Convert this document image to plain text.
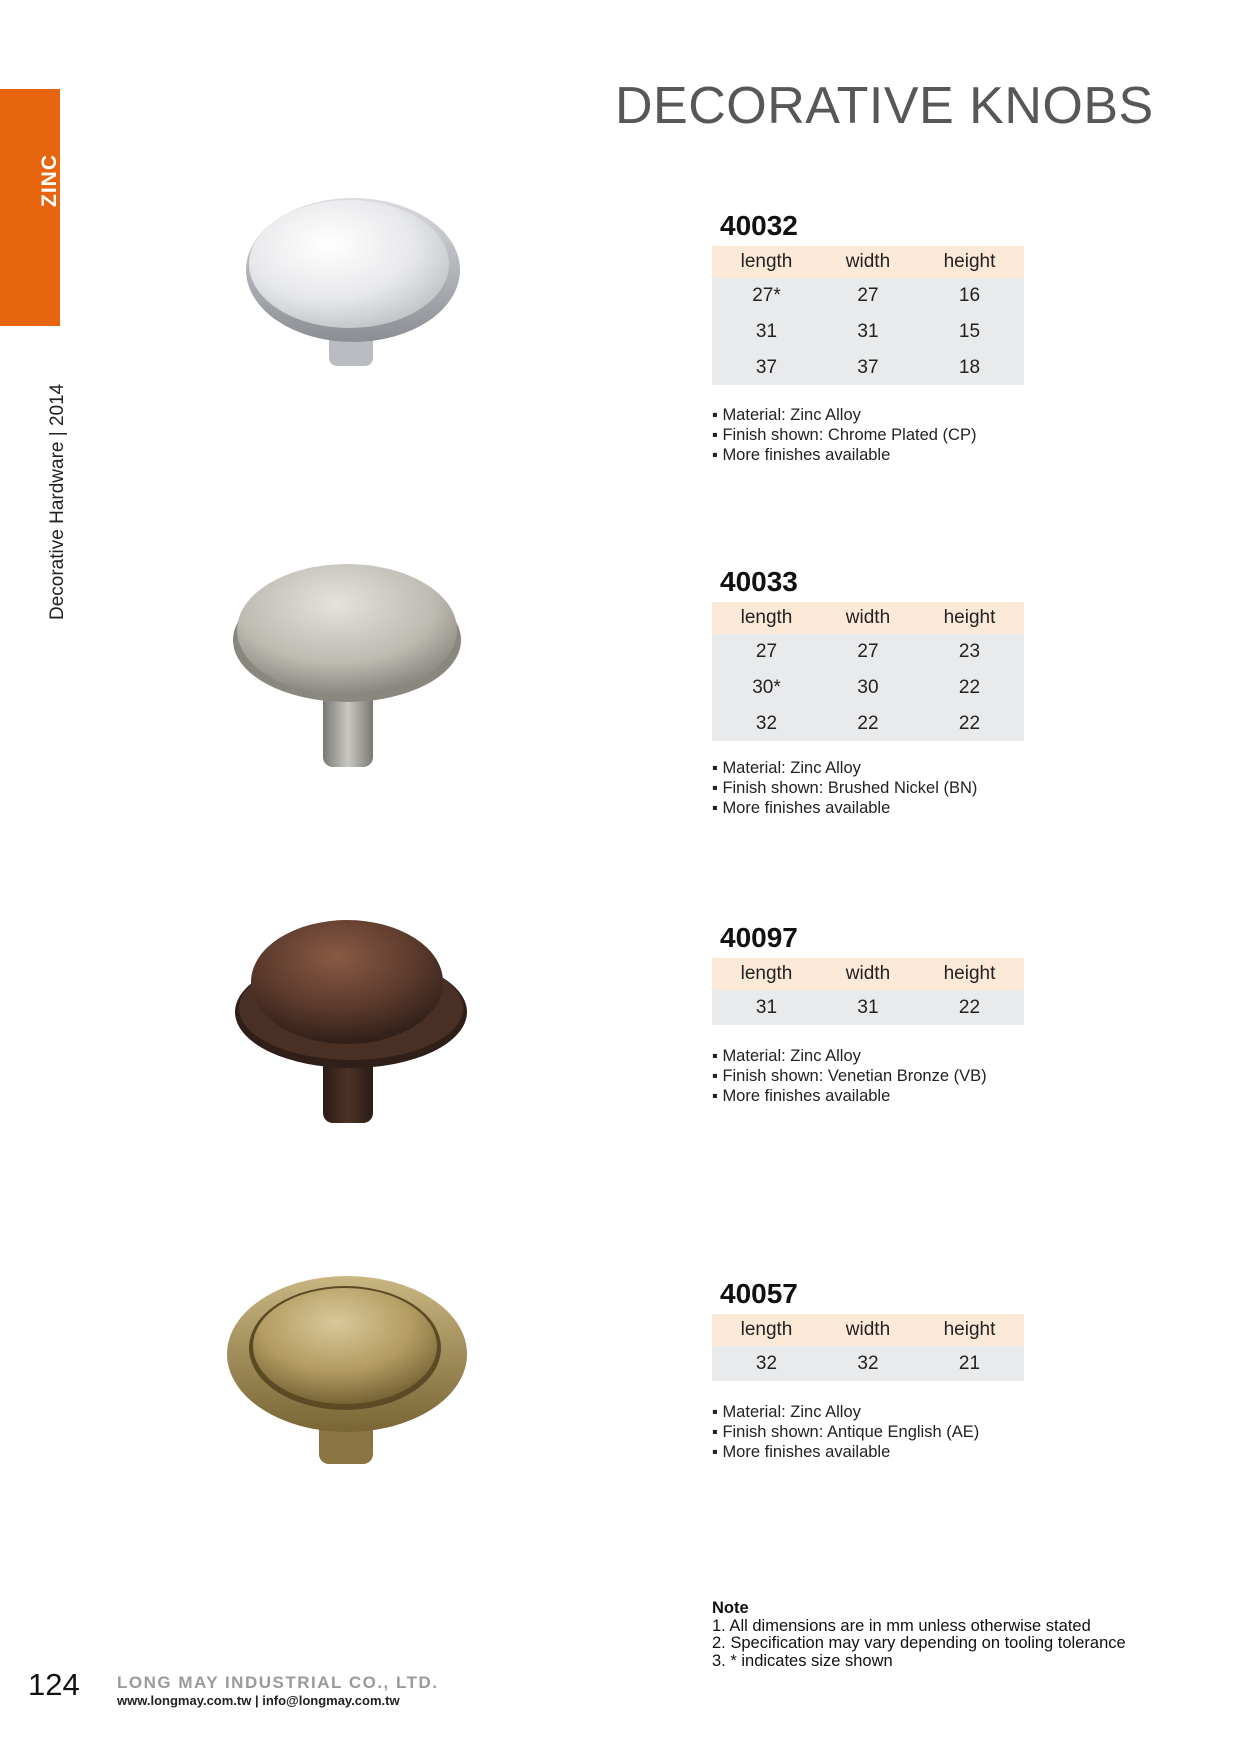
ZINC
Decorative Hardware | 2014
DECORATIVE KNOBS
40032
length	width	height
27*	27	16
31	31	15
37	37	18
▪ Material: Zinc Alloy
▪ Finish shown: Chrome Plated (CP)
▪ More finishes available
40033
length	width	height
27	27	23
30*	30	22
32	22	22
▪ Material: Zinc Alloy
▪ Finish shown: Brushed Nickel (BN)
▪ More finishes available
40097
length	width	height
31	31	22
▪ Material: Zinc Alloy
▪ Finish shown: Venetian Bronze (VB)
▪ More finishes available
40057
length	width	height
32	32	21
▪ Material: Zinc Alloy
▪ Finish shown: Antique English (AE)
▪ More finishes available
Note
1. All dimensions are in mm unless otherwise stated
2. Specification may vary depending on tooling tolerance
3. * indicates size shown
124 LONG MAY INDUSTRIAL CO., LTD.
www.longmay.com.tw | info@longmay.com.tw
